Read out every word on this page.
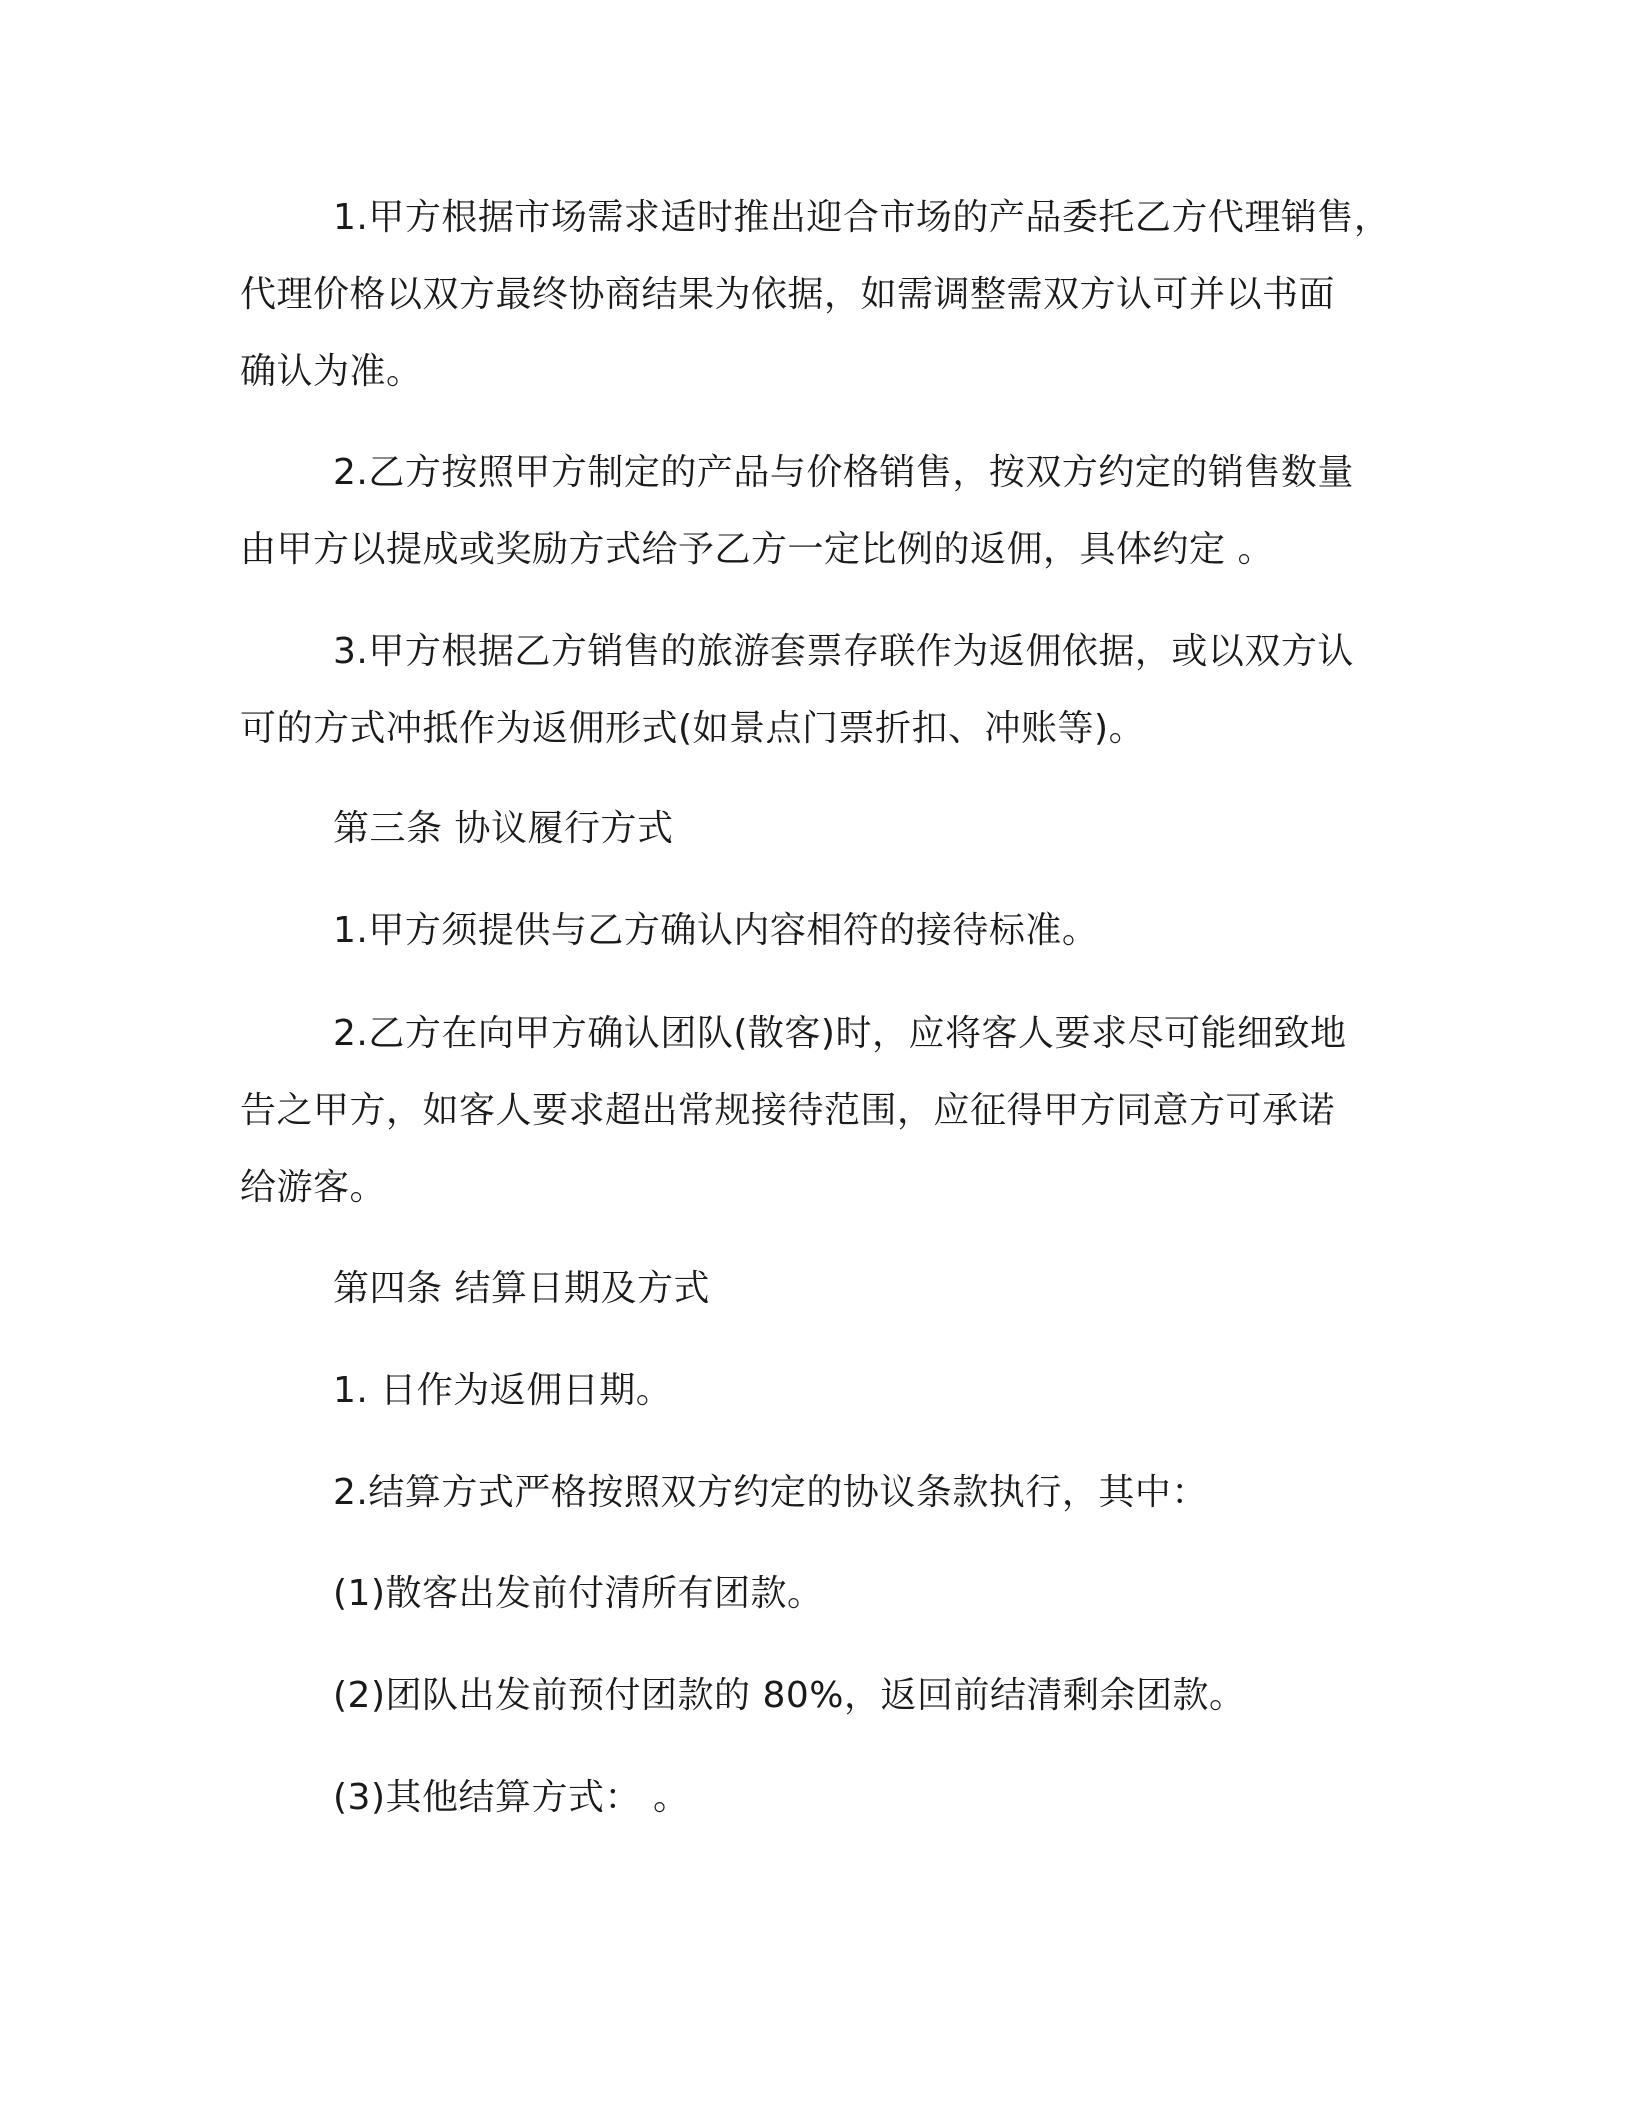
1.甲方根据市场需求适时推出迎合市场的产品委托乙方代理销售，
代理价格以双方最终协商结果为依据，如需调整需双方认可并以书面
确认为准。
2.乙方按照甲方制定的产品与价格销售，按双方约定的销售数量
由甲方以提成或奖励方式给予乙方一定比例的返佣，具体约定 。
3.甲方根据乙方销售的旅游套票存联作为返佣依据，或以双方认
可的方式冲抵作为返佣形式(如景点门票折扣、冲账等)。
第三条 协议履行方式
1.甲方须提供与乙方确认内容相符的接待标准。
2.乙方在向甲方确认团队(散客)时，应将客人要求尽可能细致地
告之甲方，如客人要求超出常规接待范围，应征得甲方同意方可承诺
给游客。
第四条 结算日期及方式
1. 日作为返佣日期。
2.结算方式严格按照双方约定的协议条款执行，其中：
(1)散客出发前付清所有团款。
(2)团队出发前预付团款的 80%，返回前结清剩余团款。
(3)其他结算方式： 。
